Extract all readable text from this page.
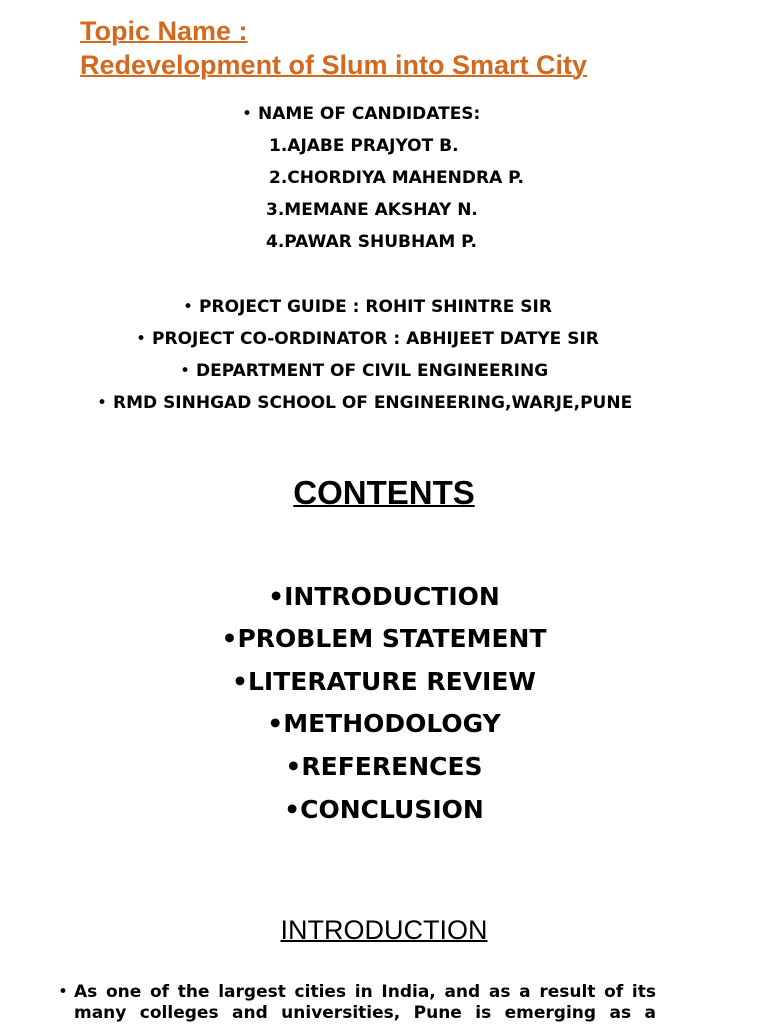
Topic Name :
Redevelopment of Slum into Smart City
• NAME OF CANDIDATES:
1.AJABE PRAJYOT B.
2.CHORDIYA MAHENDRA P.
3.MEMANE AKSHAY N.
4.PAWAR SHUBHAM P.
• PROJECT GUIDE : ROHIT SHINTRE SIR
• PROJECT CO-ORDINATOR : ABHIJEET DATYE SIR
• DEPARTMENT OF CIVIL ENGINEERING
• RMD SINHGAD SCHOOL OF ENGINEERING,WARJE,PUNE
CONTENTS
•INTRODUCTION
•PROBLEM STATEMENT
•LITERATURE REVIEW
•METHODOLOGY
•REFERENCES
•CONCLUSION
INTRODUCTION
• As one of the largest cities in India, and as a result of its
many colleges and universities, Pune is emerging as a
